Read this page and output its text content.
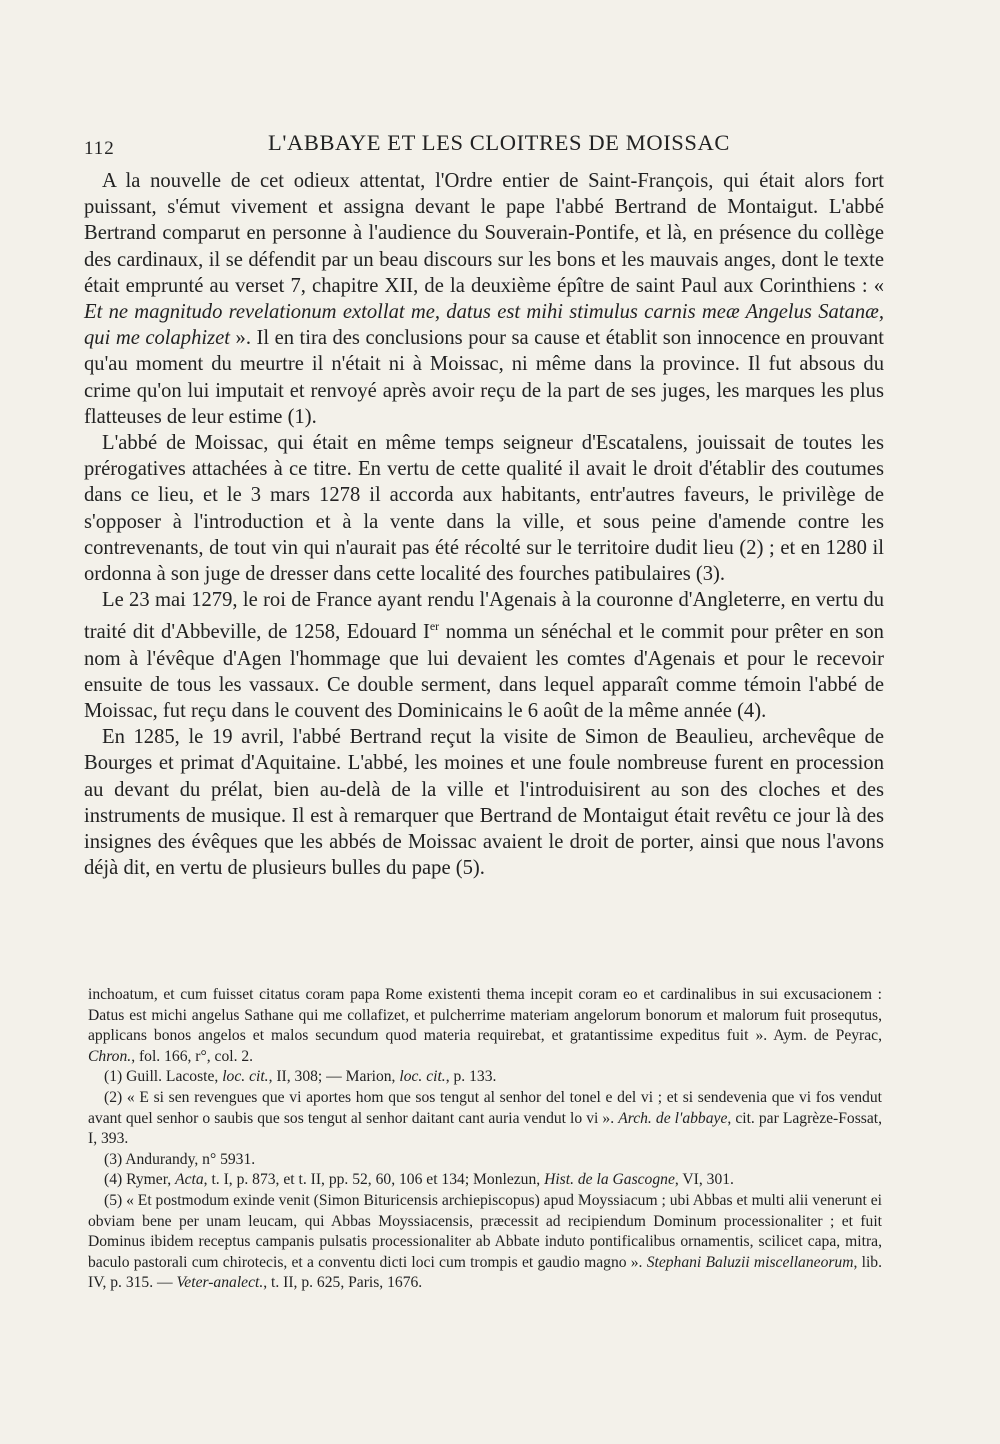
112	L'ABBAYE ET LES CLOITRES DE MOISSAC

A la nouvelle de cet odieux attentat, l'Ordre entier de Saint-François, qui était alors fort puissant, s'émut vivement et assigna devant le pape l'abbé Bertrand de Montaigut. L'abbé Bertrand comparut en personne à l'audience du Souverain-Pontife, et là, en présence du collège des cardinaux, il se défendit par un beau discours sur les bons et les mauvais anges, dont le texte était emprunté au verset 7, chapitre XII, de la deuxième épître de saint Paul aux Corinthiens : « Et ne magnitudo revelationum extollat me, datus est mihi stimulus carnis meæ Angelus Satanæ, qui me colaphizet ». Il en tira des conclusions pour sa cause et établit son innocence en prouvant qu'au moment du meurtre il n'était ni à Moissac, ni même dans la province. Il fut absous du crime qu'on lui imputait et renvoyé après avoir reçu de la part de ses juges, les marques les plus flatteuses de leur estime (1).

L'abbé de Moissac, qui était en même temps seigneur d'Escatalens, jouissait de toutes les prérogatives attachées à ce titre. En vertu de cette qualité il avait le droit d'établir des coutumes dans ce lieu, et le 3 mars 1278 il accorda aux habitants, entr'autres faveurs, le privilège de s'opposer à l'introduction et à la vente dans la ville, et sous peine d'amende contre les contrevenants, de tout vin qui n'aurait pas été récolté sur le territoire dudit lieu (2) ; et en 1280 il ordonna à son juge de dresser dans cette localité des fourches patibulaires (3).

Le 23 mai 1279, le roi de France ayant rendu l'Agenais à la couronne d'Angleterre, en vertu du traité dit d'Abbeville, de 1258, Edouard Ier nomma un sénéchal et le commit pour prêter en son nom à l'évêque d'Agen l'hommage que lui devaient les comtes d'Agenais et pour le recevoir ensuite de tous les vassaux. Ce double serment, dans lequel apparaît comme témoin l'abbé de Moissac, fut reçu dans le couvent des Dominicains le 6 août de la même année (4).

En 1285, le 19 avril, l'abbé Bertrand reçut la visite de Simon de Beaulieu, archevêque de Bourges et primat d'Aquitaine. L'abbé, les moines et une foule nombreuse furent en procession au devant du prélat, bien au-delà de la ville et l'introduisirent au son des cloches et des instruments de musique. Il est à remarquer que Bertrand de Montaigut était revêtu ce jour là des insignes des évêques que les abbés de Moissac avaient le droit de porter, ainsi que nous l'avons déjà dit, en vertu de plusieurs bulles du pape (5).

inchoatum, et cum fuisset citatus coram papa Rome existenti thema incepit coram eo et cardinalibus in sui excusacionem : Datus est michi angelus Sathane qui me collafizet, et pulcherrime materiam angelorum bonorum et malorum fuit prosequtus, applicans bonos angelos et malos secundum quod materia requirebat, et gratantissime expeditus fuit ». Aym. de Peyrac, Chron., fol. 166, r°, col. 2.

(1) Guill. Lacoste, loc. cit., II, 308; — Marion, loc. cit., p. 133.

(2) « E si sen revengues que vi aportes hom que sos tengut al senhor del tonel e del vi ; et si sendevenia que vi fos vendut avant quel senhor o saubis que sos tengut al senhor daitant cant auria vendut lo vi ». Arch. de l'abbaye, cit. par Lagrèze-Fossat, I, 393.

(3) Andurandy, n° 5931.

(4) Rymer, Acta, t. I, p. 873, et t. II, pp. 52, 60, 106 et 134; Monlezun, Hist. de la Gascogne, VI, 301.

(5) « Et postmodum exinde venit (Simon Bituricensis archiepiscopus) apud Moyssiacum ; ubi Abbas et multi alii venerunt ei obviam bene per unam leucam, qui Abbas Moyssiacensis, præcessit ad recipiendum Dominum processionaliter ; et fuit Dominus ibidem receptus campanis pulsatis processionaliter ab Abbate induto pontificalibus ornamentis, scilicet capa, mitra, baculo pastorali cum chirotecis, et a conventu dicti loci cum trompis et gaudio magno ». Stephani Baluzii miscellaneorum, lib. IV, p. 315. — Veter-analect., t. II, p. 625, Paris, 1676.
